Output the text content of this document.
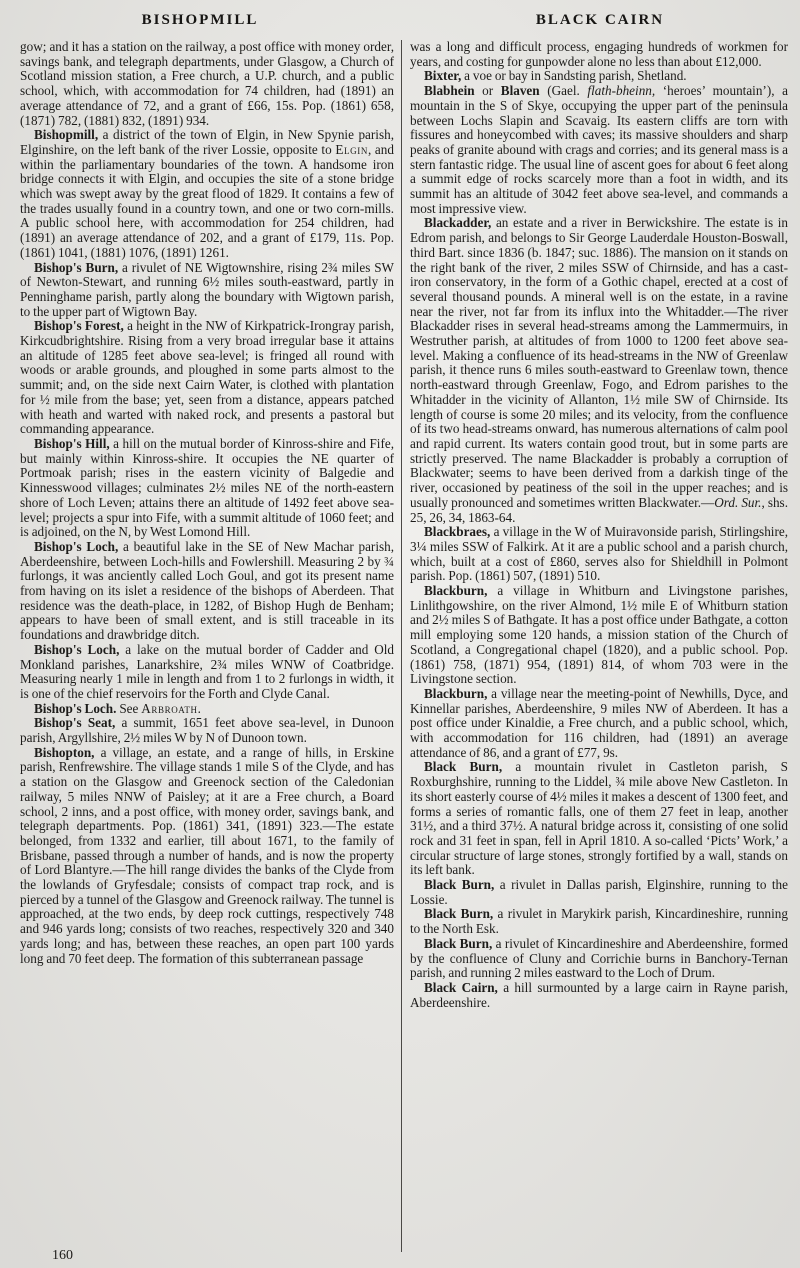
BISHOPMILL	BLACK CAIRN

gow; and it has a station on the railway, a post office with money order, savings bank, and telegraph departments, under Glasgow, a Church of Scotland mission station, a Free church, a U.P. church, and a public school, which, with accommodation for 74 children, had (1891) an average attendance of 72, and a grant of £66, 15s. Pop. (1861) 658, (1871) 782, (1881) 832, (1891) 934.

Bishopmill, a district of the town of Elgin, in New Spynie parish, Elginshire, on the left bank of the river Lossie, opposite to Elgin, and within the parliamentary boundaries of the town. A handsome iron bridge connects it with Elgin, and occupies the site of a stone bridge which was swept away by the great flood of 1829. It contains a few of the trades usually found in a country town, and one or two corn-mills. A public school here, with accommodation for 254 children, had (1891) an average attendance of 202, and a grant of £179, 11s. Pop. (1861) 1041, (1881) 1076, (1891) 1261.

Bishop's Burn, a rivulet of NE Wigtownshire, rising 2¾ miles SW of Newton-Stewart, and running 6½ miles south-eastward, partly in Penninghame parish, partly along the boundary with Wigtown parish, to the upper part of Wigtown Bay.

Bishop's Forest, a height in the NW of Kirkpatrick-Irongray parish, Kirkcudbrightshire. Rising from a very broad irregular base it attains an altitude of 1285 feet above sea-level; is fringed all round with woods or arable grounds, and ploughed in some parts almost to the summit; and, on the side next Cairn Water, is clothed with plantation for ½ mile from the base; yet, seen from a distance, appears patched with heath and warted with naked rock, and presents a pastoral but commanding appearance.

Bishop's Hill, a hill on the mutual border of Kinross-shire and Fife, but mainly within Kinross-shire. It occupies the NE quarter of Portmoak parish; rises in the eastern vicinity of Balgedie and Kinnesswood villages; culminates 2½ miles NE of the north-eastern shore of Loch Leven; attains there an altitude of 1492 feet above sea-level; projects a spur into Fife, with a summit altitude of 1060 feet; and is adjoined, on the N, by West Lomond Hill.

Bishop's Loch, a beautiful lake in the SE of New Machar parish, Aberdeenshire, between Loch-hills and Fowlershill. Measuring 2 by ¾ furlongs, it was anciently called Loch Goul, and got its present name from having on its islet a residence of the bishops of Aberdeen. That residence was the death-place, in 1282, of Bishop Hugh de Benham; appears to have been of small extent, and is still traceable in its foundations and drawbridge ditch.

Bishop's Loch, a lake on the mutual border of Cadder and Old Monkland parishes, Lanarkshire, 2¾ miles WNW of Coatbridge. Measuring nearly 1 mile in length and from 1 to 2 furlongs in width, it is one of the chief reservoirs for the Forth and Clyde Canal.

Bishop's Loch. See Arbroath.

Bishop's Seat, a summit, 1651 feet above sea-level, in Dunoon parish, Argyllshire, 2½ miles W by N of Dunoon town.

Bishopton, a village, an estate, and a range of hills, in Erskine parish, Renfrewshire. The village stands 1 mile S of the Clyde, and has a station on the Glasgow and Greenock section of the Caledonian railway, 5 miles NNW of Paisley; at it are a Free church, a Board school, 2 inns, and a post office, with money order, savings bank, and telegraph departments. Pop. (1861) 341, (1891) 323.—The estate belonged, from 1332 and earlier, till about 1671, to the family of Brisbane, passed through a number of hands, and is now the property of Lord Blantyre.—The hill range divides the banks of the Clyde from the lowlands of Gryfesdale; consists of compact trap rock, and is pierced by a tunnel of the Glasgow and Greenock railway. The tunnel is approached, at the two ends, by deep rock cuttings, respectively 748 and 946 yards long; consists of two reaches, respectively 320 and 340 yards long; and has, between these reaches, an open part 100 yards long and 70 feet deep. The formation of this subterranean passage

was a long and difficult process, engaging hundreds of workmen for years, and costing for gunpowder alone no less than about £12,000.

Bixter, a voe or bay in Sandsting parish, Shetland.

Blabhein or Blaven (Gael. flath-bheinn, ‘heroes’ mountain’), a mountain in the S of Skye, occupying the upper part of the peninsula between Lochs Slapin and Scavaig. Its eastern cliffs are torn with fissures and honeycombed with caves; its massive shoulders and sharp peaks of granite abound with crags and corries; and its general mass is a stern fantastic ridge. The usual line of ascent goes for about 6 feet along a summit edge of rocks scarcely more than a foot in width, and its summit has an altitude of 3042 feet above sea-level, and commands a most impressive view.

Blackadder, an estate and a river in Berwickshire. The estate is in Edrom parish, and belongs to Sir George Lauderdale Houston-Boswall, third Bart. since 1836 (b. 1847; suc. 1886). The mansion on it stands on the right bank of the river, 2 miles SSW of Chirnside, and has a cast-iron conservatory, in the form of a Gothic chapel, erected at a cost of several thousand pounds. A mineral well is on the estate, in a ravine near the river, not far from its influx into the Whitadder.—The river Blackadder rises in several head-streams among the Lammermuirs, in Westruther parish, at altitudes of from 1000 to 1200 feet above sea-level. Making a confluence of its head-streams in the NW of Greenlaw parish, it thence runs 6 miles south-eastward to Greenlaw town, thence north-eastward through Greenlaw, Fogo, and Edrom parishes to the Whitadder in the vicinity of Allanton, 1½ mile SW of Chirnside. Its length of course is some 20 miles; and its velocity, from the confluence of its two head-streams onward, has numerous alternations of calm pool and rapid current. Its waters contain good trout, but in some parts are strictly preserved. The name Blackadder is probably a corruption of Blackwater; seems to have been derived from a darkish tinge of the river, occasioned by peatiness of the soil in the upper reaches; and is usually pronounced and sometimes written Blackwater.—Ord. Sur., shs. 25, 26, 34, 1863-64.

Blackbraes, a village in the W of Muiravonside parish, Stirlingshire, 3¼ miles SSW of Falkirk. At it are a public school and a parish church, which, built at a cost of £860, serves also for Shieldhill in Polmont parish. Pop. (1861) 507, (1891) 510.

Blackburn, a village in Whitburn and Livingstone parishes, Linlithgowshire, on the river Almond, 1½ mile E of Whitburn station and 2½ miles S of Bathgate. It has a post office under Bathgate, a cotton mill employing some 120 hands, a mission station of the Church of Scotland, a Congregational chapel (1820), and a public school. Pop. (1861) 758, (1871) 954, (1891) 814, of whom 703 were in the Livingstone section.

Blackburn, a village near the meeting-point of Newhills, Dyce, and Kinnellar parishes, Aberdeenshire, 9 miles NW of Aberdeen. It has a post office under Kinaldie, a Free church, and a public school, which, with accommodation for 116 children, had (1891) an average attendance of 86, and a grant of £77, 9s.

Black Burn, a mountain rivulet in Castleton parish, S Roxburghshire, running to the Liddel, ¾ mile above New Castleton. In its short easterly course of 4½ miles it makes a descent of 1300 feet, and forms a series of romantic falls, one of them 27 feet in leap, another 31½, and a third 37½. A natural bridge across it, consisting of one solid rock and 31 feet in span, fell in April 1810. A so-called ‘Picts’ Work,’ a circular structure of large stones, strongly fortified by a wall, stands on its left bank.

Black Burn, a rivulet in Dallas parish, Elginshire, running to the Lossie.

Black Burn, a rivulet in Marykirk parish, Kincardineshire, running to the North Esk.

Black Burn, a rivulet of Kincardineshire and Aberdeenshire, formed by the confluence of Cluny and Corrichie burns in Banchory-Ternan parish, and running 2 miles eastward to the Loch of Drum.

Black Cairn, a hill surmounted by a large cairn in Rayne parish, Aberdeenshire.

160
